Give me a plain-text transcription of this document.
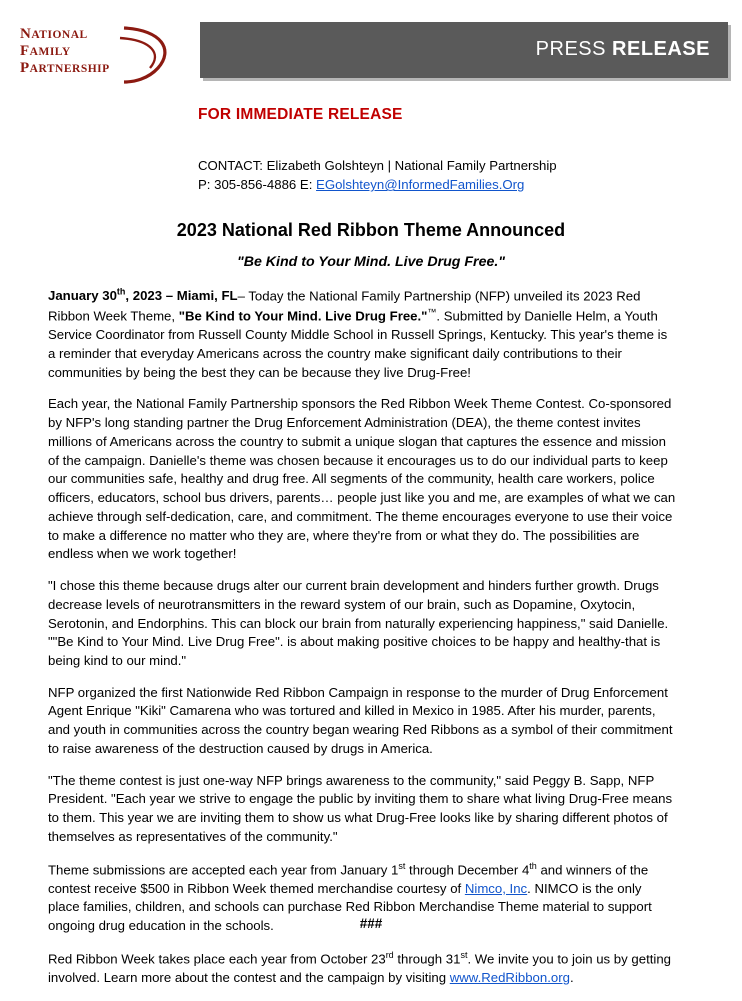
NATIONAL
FAMILY
PARTNERSHIP
PRESS RELEASE
FOR IMMEDIATE RELEASE
CONTACT: Elizabeth Golshteyn | National Family Partnership
P: 305-856-4886 E: EGolshteyn@InformedFamilies.Org
2023 National Red Ribbon Theme Announced
"Be Kind to Your Mind. Live Drug Free."

January 30th, 2023 – Miami, FL– Today the National Family Partnership (NFP) unveiled its 2023 Red Ribbon Week Theme, "Be Kind to Your Mind. Live Drug Free."™. Submitted by Danielle Helm, a Youth Service Coordinator from Russell County Middle School in Russell Springs, Kentucky. This year's theme is a reminder that everyday Americans across the country make significant daily contributions to their communities by being the best they can be because they live Drug-Free!

Each year, the National Family Partnership sponsors the Red Ribbon Week Theme Contest. Co-sponsored by NFP's long standing partner the Drug Enforcement Administration (DEA), the theme contest invites millions of Americans across the country to submit a unique slogan that captures the essence and mission of the campaign. Danielle's theme was chosen because it encourages us to do our individual parts to keep our communities safe, healthy and drug free. All segments of the community, health care workers, police officers, educators, school bus drivers, parents… people just like you and me, are examples of what we can achieve through self-dedication, care, and commitment. The theme encourages everyone to use their voice to make a difference no matter who they are, where they're from or what they do. The possibilities are endless when we work together!

"I chose this theme because drugs alter our current brain development and hinders further growth. Drugs decrease levels of neurotransmitters in the reward system of our brain, such as Dopamine, Oxytocin, Serotonin, and Endorphins. This can block our brain from naturally experiencing happiness," said Danielle. ""Be Kind to Your Mind. Live Drug Free". is about making positive choices to be happy and healthy-that is being kind to our mind."

NFP organized the first Nationwide Red Ribbon Campaign in response to the murder of Drug Enforcement Agent Enrique "Kiki" Camarena who was tortured and killed in Mexico in 1985. After his murder, parents, and youth in communities across the country began wearing Red Ribbons as a symbol of their commitment to raise awareness of the destruction caused by drugs in America.

"The theme contest is just one-way NFP brings awareness to the community," said Peggy B. Sapp, NFP President. "Each year we strive to engage the public by inviting them to share what living Drug-Free means to them. This year we are inviting them to show us what Drug-Free looks like by sharing different photos of themselves as representatives of the community."

Theme submissions are accepted each year from January 1st through December 4th and winners of the contest receive $500 in Ribbon Week themed merchandise courtesy of Nimco, Inc. NIMCO is the only place families, children, and schools can purchase Red Ribbon Merchandise Theme material to support ongoing drug education in the schools.

Red Ribbon Week takes place each year from October 23rd through 31st. We invite you to join us by getting involved. Learn more about the contest and the campaign by visiting www.RedRibbon.org.

###
